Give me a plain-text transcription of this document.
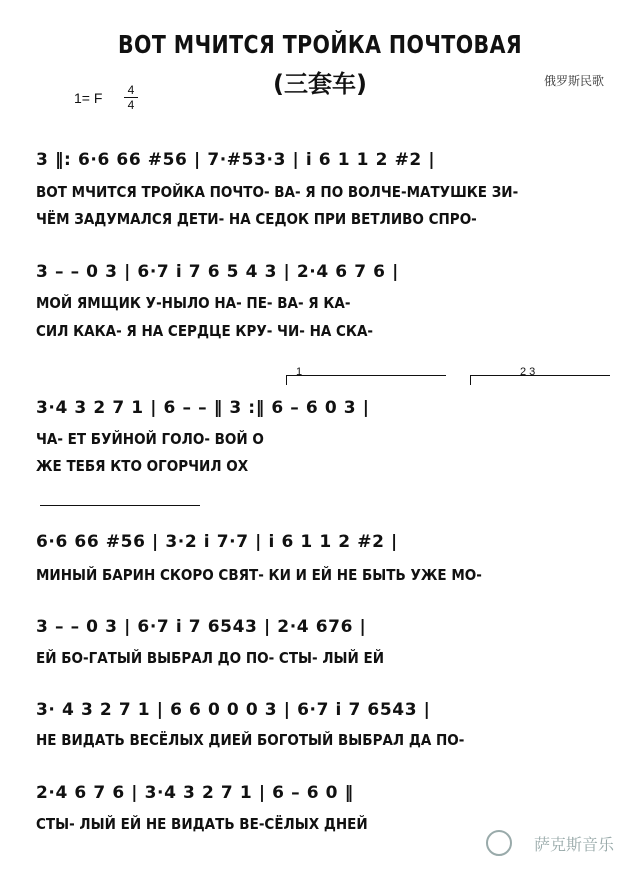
ВОТ МЧИТСЯ ТРОЙКА ПОЧТОВАЯ
(三套车)	俄罗斯民歌
1= F	4
4
3 ‖: 6·6 66 #56 | 7·#53·3 | i 6 1 1 2 #2 |
ВОТ МЧИТСЯ ТРОЙКА ПОЧТО- ВА- Я ПО ВОЛЧЕ-МАТУШКЕ ЗИ-
ЧЁМ ЗАДУМАЛСЯ ДЕТИ- НА СЕДОК ПРИ ВЕТЛИВО СПРО-
3 – – 0 3 | 6·7 i 7 6 5 4 3 | 2·4 6 7 6 |
МОЙ ЯМЩИК У-НЫЛО НА- ПЕ- ВА- Я КА-
СИЛ КАКА- Я НА СЕРДЦЕ КРУ- ЧИ- НА СКА-
1	2 3
3·4 3 2 7 1 | 6 – – ‖ 3 :‖ 6 – 6 0 3 |
ЧА- ЕТ БУЙНОЙ ГОЛО- ВОЙ О
ЖЕ ТЕБЯ КТО ОГОРЧИЛ ОХ
6·6 66 #56 | 3·2 i 7·7 | i 6 1 1 2 #2 |
МИНЫЙ БАРИН СКОРО СВЯТ- КИ И ЕЙ НЕ БЫТЬ УЖЕ МО-
3 – – 0 3 | 6·7 i 7 6543 | 2·4 676 |
ЕЙ БО-ГАТЫЙ ВЫБРАЛ ДО ПО- СТЫ- ЛЫЙ ЕЙ
3· 4 3 2 7 1 | 6 6 0 0 0 3 | 6·7 i 7 6543 |
НЕ ВИДАТЬ ВЕСЁЛЫХ ДИЕЙ БОГОТЫЙ ВЫБРАЛ ДА ПО-
2·4 6 7 6 | 3·4 3 2 7 1 | 6 – 6 0 ‖
СТЫ- ЛЫЙ ЕЙ НЕ ВИДАТЬ ВЕ-СЁЛЫХ ДНЕЙ
萨克斯音乐
